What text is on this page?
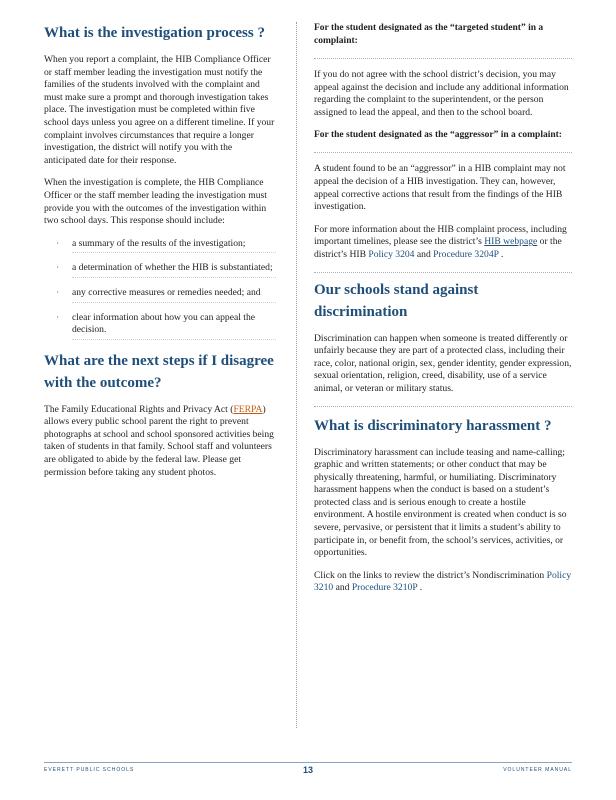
What is the investigation process ?

When you report a complaint, the HIB Compliance Officer or staff member leading the investigation must notify the families of the students involved with the complaint and must make sure a prompt and thorough investigation takes place. The investigation must be completed within five school days unless you agree on a different timeline. If your complaint involves circumstances that require a longer investigation, the district will notify you with the anticipated date for their response.

When the investigation is complete, the HIB Compliance Officer or the staff member leading the investigation must provide you with the outcomes of the investigation within two school days. This response should include:

· a summary of the results of the investigation;
· a determination of whether the HIB is substantiated;
· any corrective measures or remedies needed; and
· clear information about how you can appeal the decision.
What are the next steps if I disagree with the outcome?

The Family Educational Rights and Privacy Act (FERPA) allows every public school parent the right to prevent photographs at school and school sponsored activities being taken of students in that family. School staff and volunteers are obligated to abide by the federal law. Please get permission before taking any student photos.

For the student designated as the “targeted student” in a complaint:

If you do not agree with the school district’s decision, you may appeal against the decision and include any additional information regarding the complaint to the superintendent, or the person assigned to lead the appeal, and then to the school board.

For the student designated as the “aggressor” in a complaint:

A student found to be an “aggressor” in a HIB complaint may not appeal the decision of a HIB investigation. They can, however, appeal corrective actions that result from the findings of the HIB investigation.

For more information about the HIB complaint process, including important timelines, please see the district’s HIB webpage or the district’s HIB Policy 3204 and Procedure 3204P .

Our schools stand against discrimination

Discrimination can happen when someone is treated differently or unfairly because they are part of a protected class, including their race, color, national origin, sex, gender identity, gender expression, sexual orientation, religion, creed, disability, use of a service animal, or veteran or military status.

What is discriminatory harassment ?

Discriminatory harassment can include teasing and name-calling; graphic and written statements; or other conduct that may be physically threatening, harmful, or humiliating. Discriminatory harassment happens when the conduct is based on a student’s protected class and is serious enough to create a hostile environment. A hostile environment is created when conduct is so severe, pervasive, or persistent that it limits a student’s ability to participate in, or benefit from, the school’s services, activities, or opportunities.

Click on the links to review the district’s Nondiscrimination Policy 3210 and Procedure 3210P .

EVERETT PUBLIC SCHOOLS	13	VOLUNTEER MANUAL
